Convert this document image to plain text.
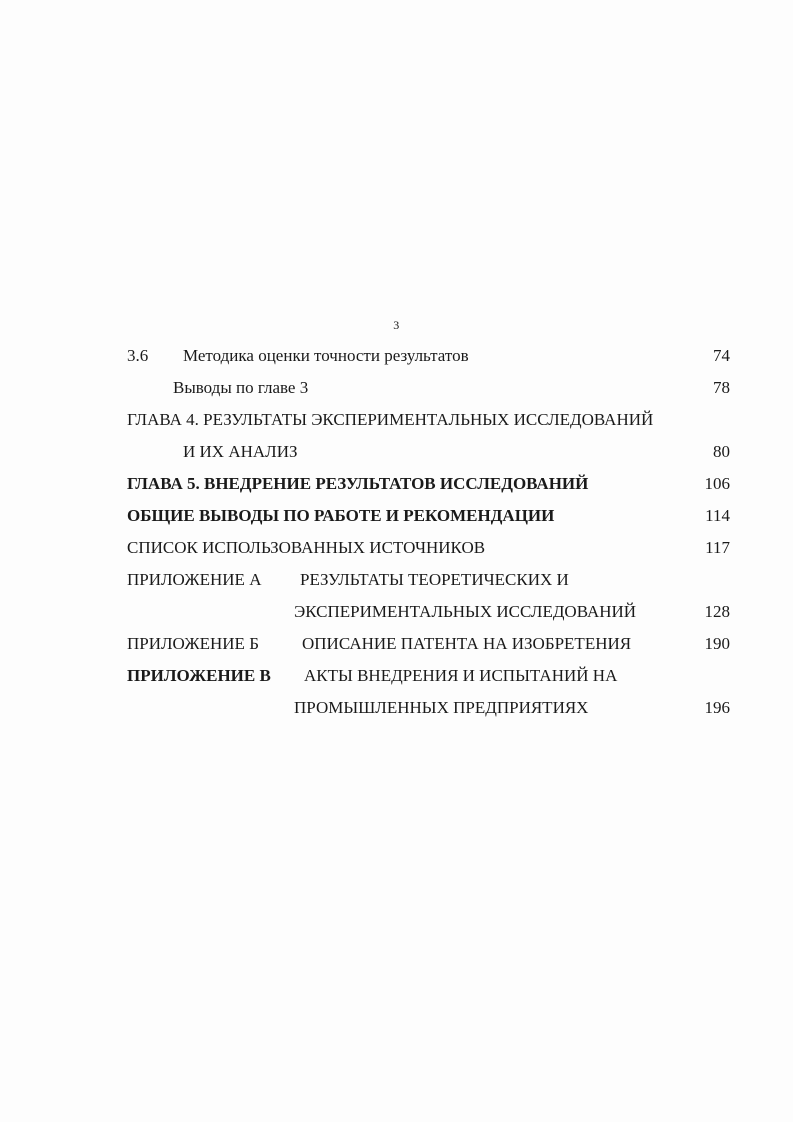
3
3.6 Методика оценки точности результатов	74
Выводы по главе 3	78
ГЛАВА 4. РЕЗУЛЬТАТЫ ЭКСПЕРИМЕНТАЛЬНЫХ ИССЛЕДОВАНИЙ
И ИХ АНАЛИЗ	80
ГЛАВА 5. ВНЕДРЕНИЕ РЕЗУЛЬТАТОВ ИССЛЕДОВАНИЙ	106
ОБЩИЕ ВЫВОДЫ ПО РАБОТЕ И РЕКОМЕНДАЦИИ	114
СПИСОК ИСПОЛЬЗОВАННЫХ ИСТОЧНИКОВ	117
ПРИЛОЖЕНИЕ А РЕЗУЛЬТАТЫ ТЕОРЕТИЧЕСКИХ И
ЭКСПЕРИМЕНТАЛЬНЫХ ИССЛЕДОВАНИЙ	128
ПРИЛОЖЕНИЕ Б	ОПИСАНИЕ ПАТЕНТА НА ИЗОБРЕТЕНИЯ	190
ПРИЛОЖЕНИЕ В АКТЫ ВНЕДРЕНИЯ И ИСПЫТАНИЙ НА
ПРОМЫШЛЕННЫХ ПРЕДПРИЯТИЯХ	196
